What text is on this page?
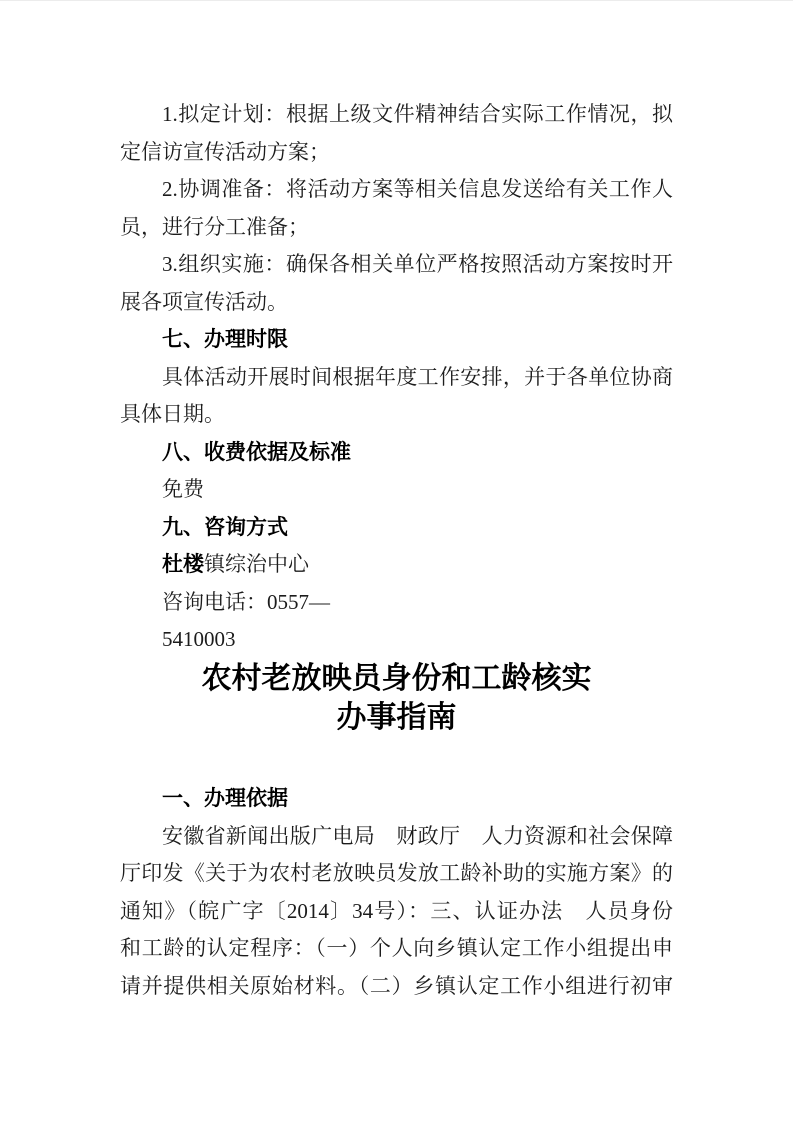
1.拟定计划：根据上级文件精神结合实际工作情况，拟
定信访宣传活动方案；
2.协调准备：将活动方案等相关信息发送给有关工作人
员，进行分工准备；
3.组织实施：确保各相关单位严格按照活动方案按时开
展各项宣传活动。
七、办理时限
具体活动开展时间根据年度工作安排，并于各单位协商
具体日期。
八、收费依据及标准
免费
九、咨询方式
杜楼镇综治中心
咨询电话：0557—
5410003
农村老放映员身份和工龄核实
办事指南
一、办理依据
安徽省新闻出版广电局　财政厅　人力资源和社会保障
厅印发《关于为农村老放映员发放工龄补助的实施方案》的
通知》（皖广字〔2014〕34号）：三、认证办法　人员身份
和工龄的认定程序：（一）个人向乡镇认定工作小组提出申
请并提供相关原始材料。（二）乡镇认定工作小组进行初审
